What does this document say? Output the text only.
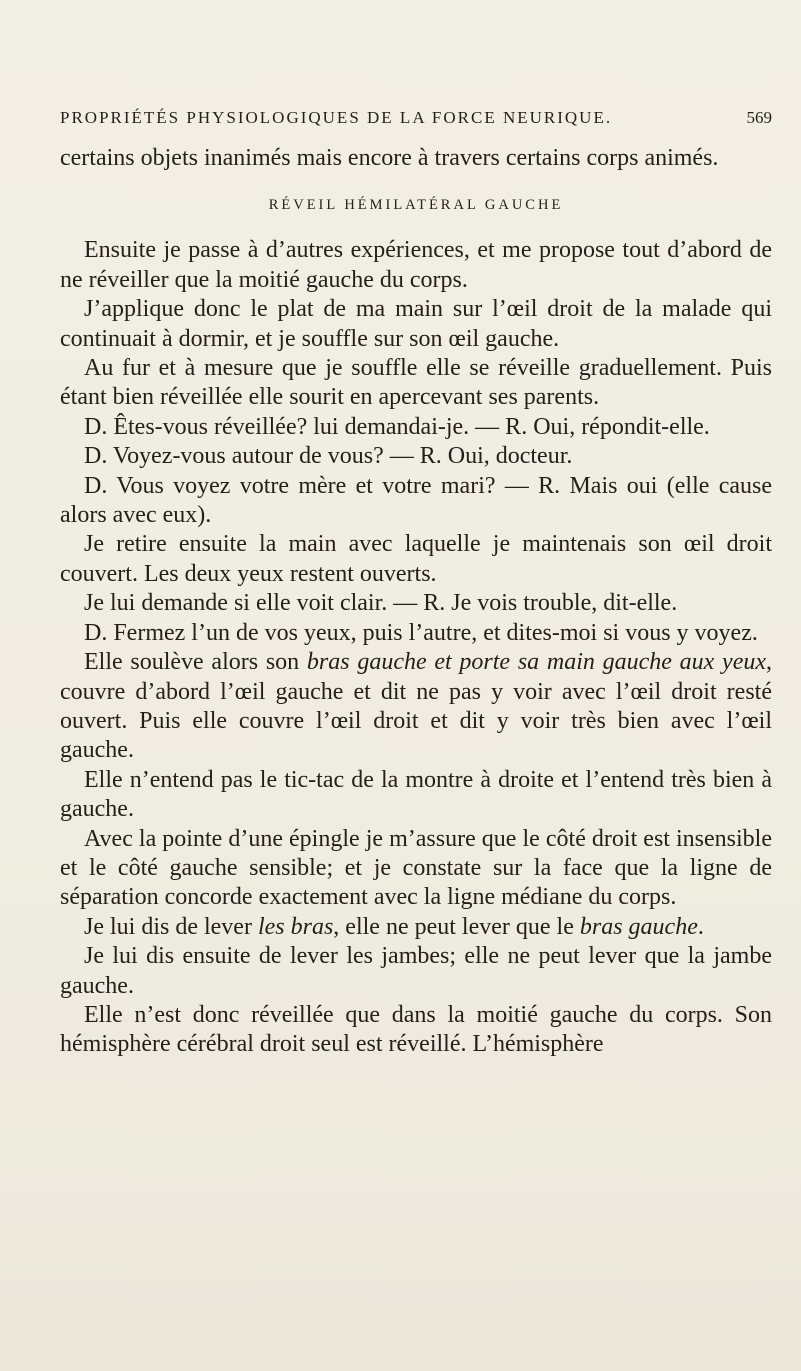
PROPRIÉTÉS PHYSIOLOGIQUES DE LA FORCE NEURIQUE.	569

certains objets inanimés mais encore à travers certains corps animés.

RÉVEIL HÉMILATÉRAL GAUCHE

Ensuite je passe à d’autres expériences, et me propose tout d’abord de ne réveiller que la moitié gauche du corps.

J’applique donc le plat de ma main sur l’œil droit de la malade qui continuait à dormir, et je souffle sur son œil gauche.

Au fur et à mesure que je souffle elle se réveille graduellement. Puis étant bien réveillée elle sourit en apercevant ses parents.

D. Êtes-vous réveillée? lui demandai-je. — R. Oui, répondit-elle.

D. Voyez-vous autour de vous? — R. Oui, docteur.

D. Vous voyez votre mère et votre mari? — R. Mais oui (elle cause alors avec eux).

Je retire ensuite la main avec laquelle je maintenais son œil droit couvert. Les deux yeux restent ouverts.

Je lui demande si elle voit clair. — R. Je vois trouble, dit-elle.

D. Fermez l’un de vos yeux, puis l’autre, et dites-moi si vous y voyez.

Elle soulève alors son bras gauche et porte sa main gauche aux yeux, couvre d’abord l’œil gauche et dit ne pas y voir avec l’œil droit resté ouvert. Puis elle couvre l’œil droit et dit y voir très bien avec l’œil gauche.

Elle n’entend pas le tic-tac de la montre à droite et l’entend très bien à gauche.

Avec la pointe d’une épingle je m’assure que le côté droit est insensible et le côté gauche sensible; et je constate sur la face que la ligne de séparation concorde exactement avec la ligne médiane du corps.

Je lui dis de lever les bras, elle ne peut lever que le bras gauche.

Je lui dis ensuite de lever les jambes; elle ne peut lever que la jambe gauche.

Elle n’est donc réveillée que dans la moitié gauche du corps. Son hémisphère cérébral droit seul est réveillé. L’hémisphère
